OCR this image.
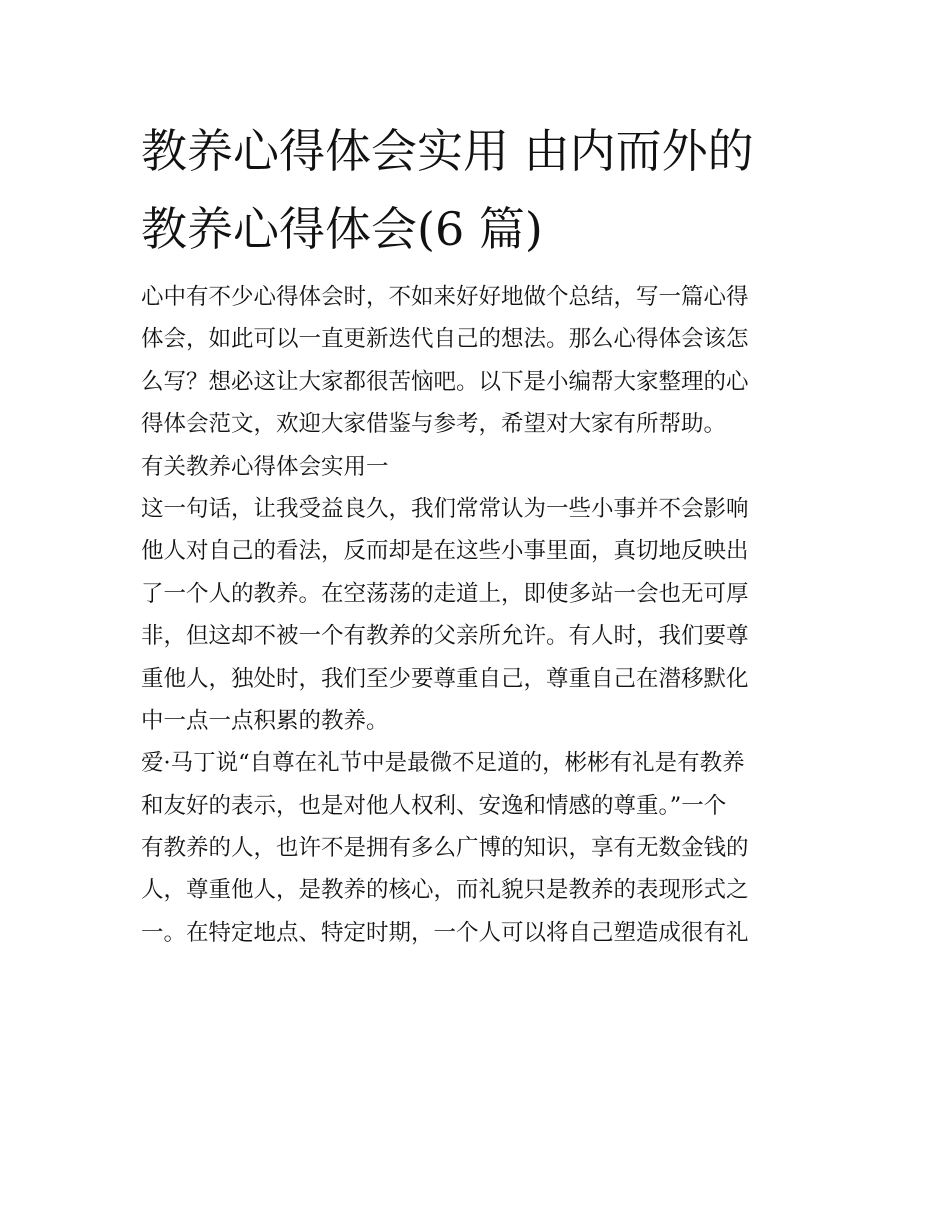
教养心得体会实用 由内而外的
教养心得体会(6 篇)
心中有不少心得体会时，不如来好好地做个总结，写一篇心得
体会，如此可以一直更新迭代自己的想法。那么心得体会该怎
么写？想必这让大家都很苦恼吧。以下是小编帮大家整理的心
得体会范文，欢迎大家借鉴与参考，希望对大家有所帮助。
有关教养心得体会实用一
这一句话，让我受益良久，我们常常认为一些小事并不会影响
他人对自己的看法，反而却是在这些小事里面，真切地反映出
了一个人的教养。在空荡荡的走道上，即使多站一会也无可厚
非，但这却不被一个有教养的父亲所允许。有人时，我们要尊
重他人，独处时，我们至少要尊重自己，尊重自己在潜移默化
中一点一点积累的教养。
爱·马丁说“自尊在礼节中是最微不足道的，彬彬有礼是有教养
和友好的表示，也是对他人权利、安逸和情感的尊重。”一个
有教养的人，也许不是拥有多么广博的知识，享有无数金钱的
人，尊重他人，是教养的核心，而礼貌只是教养的表现形式之
一。在特定地点、特定时期，一个人可以将自己塑造成很有礼
